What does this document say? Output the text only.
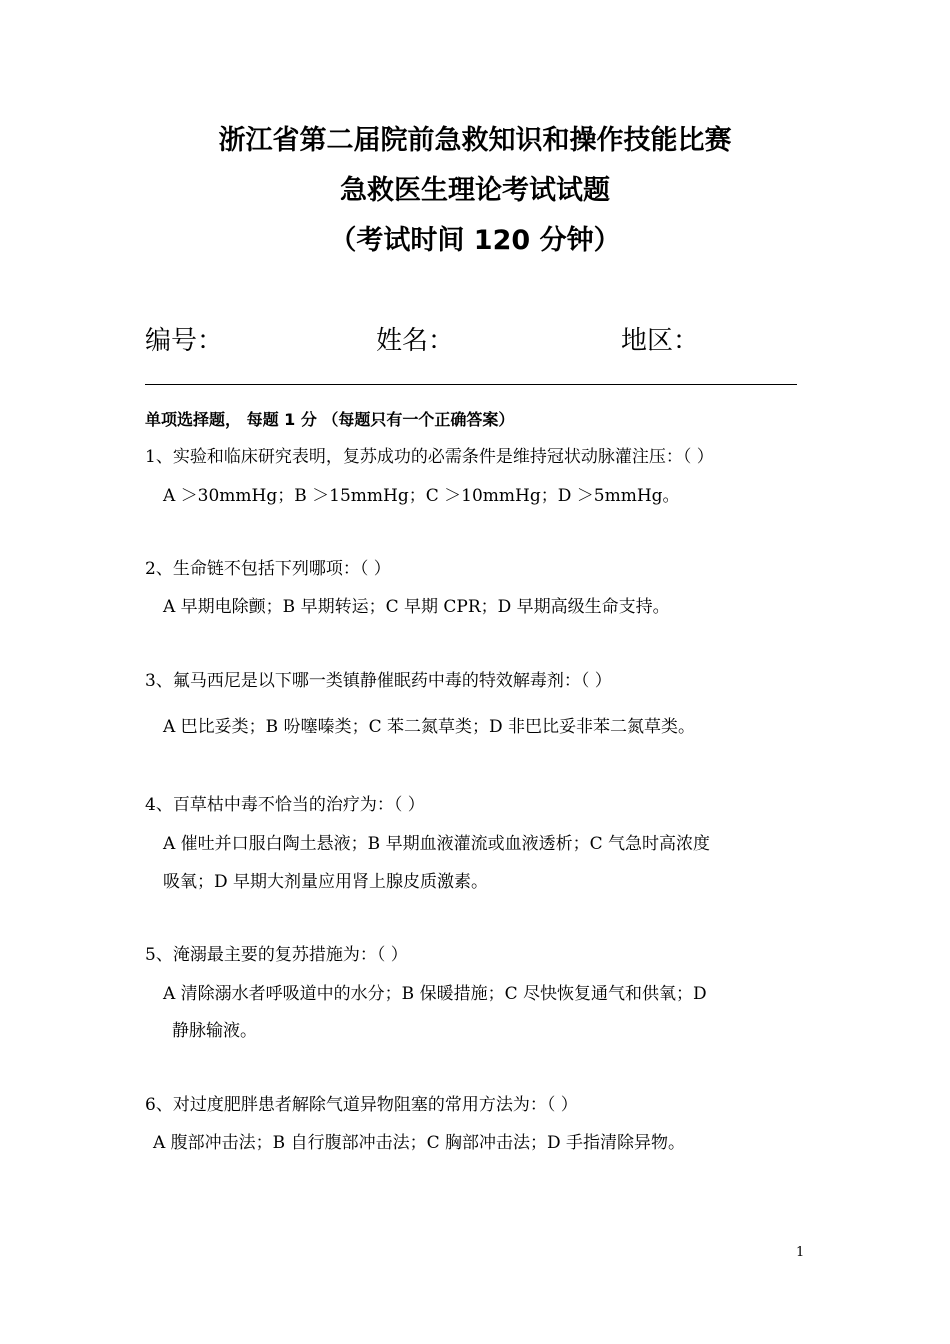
浙江省第二届院前急救知识和操作技能比赛
急救医生理论考试试题
（考试时间 120 分钟）
编号：	姓名：	地区：
单项选择题， 每题 1 分 （每题只有一个正确答案）
1、实验和临床研究表明，复苏成功的必需条件是维持冠状动脉灌注压：（ ）
A ＞30mmHg；B ＞15mmHg；C ＞10mmHg；D ＞5mmHg。
2、生命链不包括下列哪项：（ ）
A 早期电除颤；B 早期转运；C 早期 CPR；D 早期高级生命支持。
3、氟马西尼是以下哪一类镇静催眠药中毒的特效解毒剂：（ ）
A 巴比妥类；B 吩噻嗪类；C 苯二氮草类；D 非巴比妥非苯二氮草类。
4、百草枯中毒不恰当的治疗为：（ ）
A 催吐并口服白陶土悬液；B 早期血液灌流或血液透析；C 气急时高浓度
吸氧；D 早期大剂量应用肾上腺皮质激素。
5、淹溺最主要的复苏措施为：（ ）
A 清除溺水者呼吸道中的水分；B 保暖措施；C 尽快恢复通气和供氧；D
静脉输液。
6、对过度肥胖患者解除气道异物阻塞的常用方法为：（ ）
A 腹部冲击法；B 自行腹部冲击法；C 胸部冲击法；D 手指清除异物。
1
